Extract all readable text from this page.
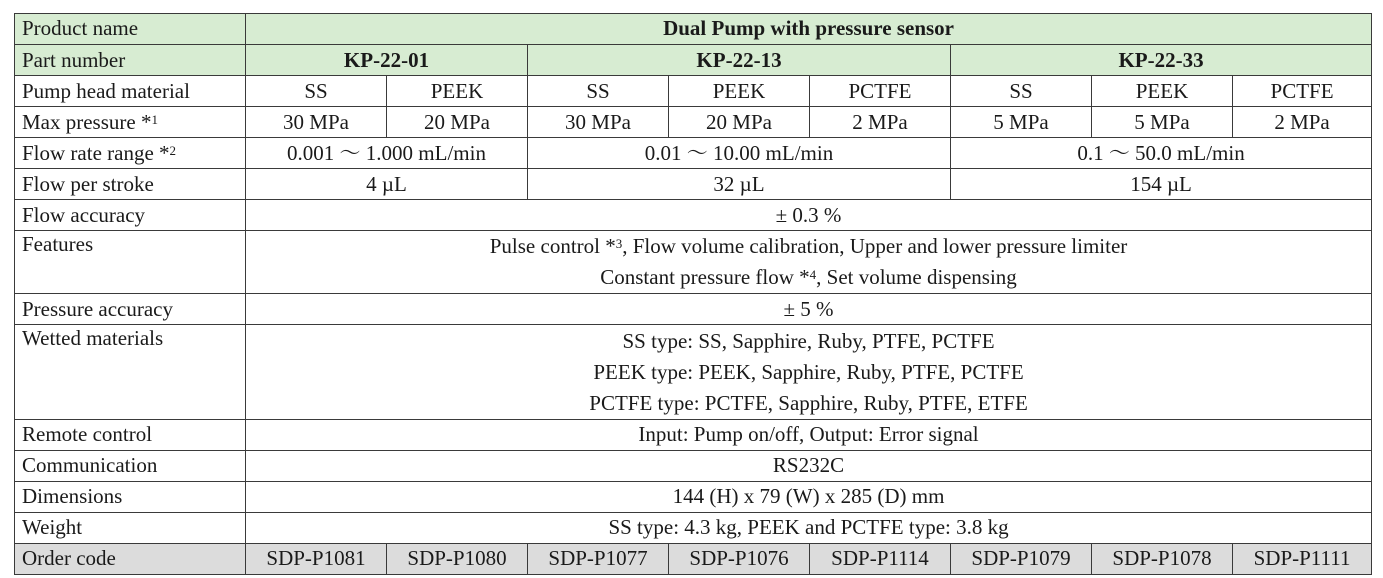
Product name	Dual Pump with pressure sensor							
Part number	KP-22-01		KP-22-13			KP-22-33		
Pump head material	SS	PEEK	SS	PEEK	PCTFE	SS	PEEK	PCTFE
Max pressure *$^1$	30 MPa	20 MPa	30 MPa	20 MPa	2 MPa	5 MPa	5 MPa	2 MPa
Flow rate range *$^2$	0.001 〜 1.000 mL/min		0.01 〜 10.00 mL/min			0.1 〜 50.0 mL/min		
Flow per stroke	4 µL		32 µL			154 µL		
Flow accuracy	± 0.3 %							
Features	Pulse control *$^3$, Flow volume calibration, Upper and lower pressure limiter
Constant pressure flow *$^4$, Set volume dispensing							

Pressure accuracy	± 5 %							
Wetted materials	SS type: SS, Sapphire, Ruby, PTFE, PCTFE
PEEK type: PEEK, Sapphire, Ruby, PTFE, PCTFE
PCTFE type: PCTFE, Sapphire, Ruby, PTFE, ETFE							

Remote control	Input: Pump on/off, Output: Error signal							
Communication	RS232C							
Dimensions	144 (H) x 79 (W) x 285 (D) mm							
Weight	SS type: 4.3 kg, PEEK and PCTFE type: 3.8 kg							
Order code	SDP-P1081	SDP-P1080	SDP-P1077	SDP-P1076	SDP-P1114	SDP-P1079	SDP-P1078	SDP-P1111
